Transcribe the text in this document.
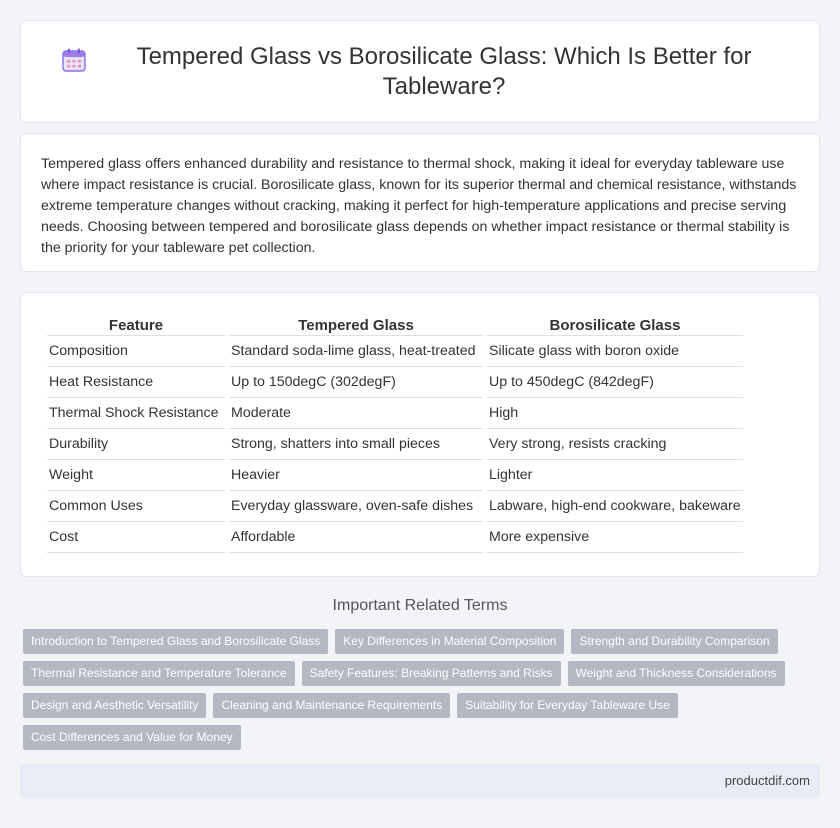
Tempered Glass vs Borosilicate Glass: Which Is Better for Tableware?

Tempered glass offers enhanced durability and resistance to thermal shock, making it ideal for everyday tableware use where impact resistance is crucial. Borosilicate glass, known for its superior thermal and chemical resistance, withstands extreme temperature changes without cracking, making it perfect for high-temperature applications and precise serving needs. Choosing between tempered and borosilicate glass depends on whether impact resistance or thermal stability is the priority for your tableware pet collection.

Feature	Tempered Glass	Borosilicate Glass
Composition	Standard soda-lime glass, heat-treated	Silicate glass with boron oxide
Heat Resistance	Up to 150degC (302degF)	Up to 450degC (842degF)
Thermal Shock Resistance	Moderate	High
Durability	Strong, shatters into small pieces	Very strong, resists cracking
Weight	Heavier	Lighter
Common Uses	Everyday glassware, oven-safe dishes	Labware, high-end cookware, bakeware
Cost	Affordable	More expensive
Important Related Terms
Introduction to Tempered Glass and Borosilicate Glass	Key Differences in Material Composition	Strength and Durability Comparison
Thermal Resistance and Temperature Tolerance	Safety Features: Breaking Patterns and Risks	Weight and Thickness Considerations
Design and Aesthetic Versatility	Cleaning and Maintenance Requirements	Suitability for Everyday Tableware Use
Cost Differences and Value for Money
productdif.com
